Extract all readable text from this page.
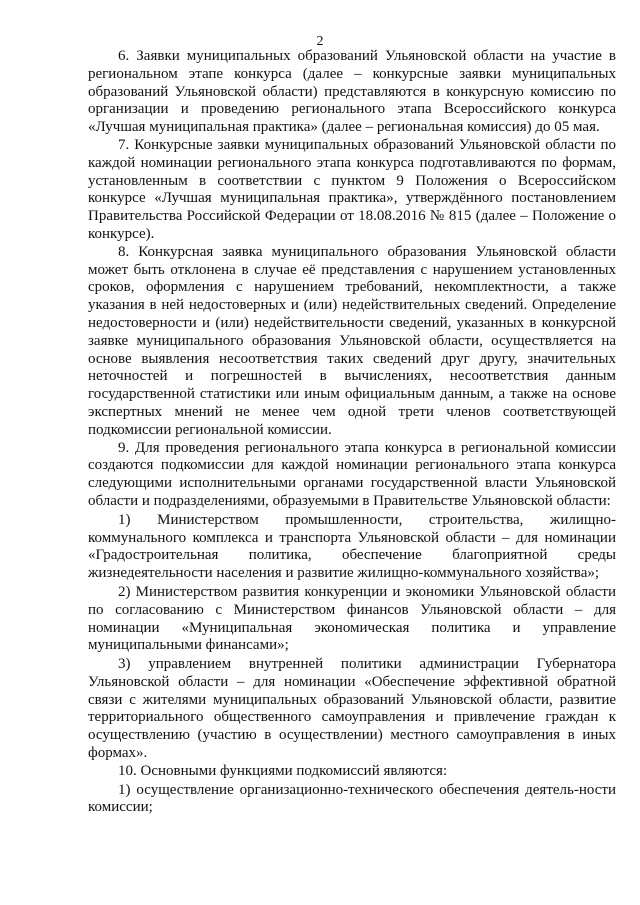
2

6. Заявки муниципальных образований Ульяновской области на участие в региональном этапе конкурса (далее – конкурсные заявки муниципальных образований Ульяновской области) представляются в конкурсную комиссию по организации и проведению регионального этапа Всероссийского конкурса «Лучшая муниципальная практика» (далее – региональная комиссия) до 05 мая.

7. Конкурсные заявки муниципальных образований Ульяновской области по каждой номинации регионального этапа конкурса подготавливаются по формам, установленным в соответствии с пунктом 9 Положения о Всероссийском конкурсе «Лучшая муниципальная практика», утверждённого постановлением Правительства Российской Федерации от 18.08.2016 № 815 (далее – Положение о конкурсе).

8. Конкурсная заявка муниципального образования Ульяновской области может быть отклонена в случае её представления с нарушением установленных сроков, оформления с нарушением требований, некомплектности, а также указания в ней недостоверных и (или) недействительных сведений. Определение недостоверности и (или) недействительности сведений, указанных в конкурсной заявке муниципального образования Ульяновской области, осуществляется на основе выявления несоответствия таких сведений друг другу, значительных неточностей и погрешностей в вычислениях, несоответствия данным государственной статистики или иным официальным данным, а также на основе экспертных мнений не менее чем одной трети членов соответствующей подкомиссии региональной комиссии.

9. Для проведения регионального этапа конкурса в региональной комиссии создаются подкомиссии для каждой номинации регионального этапа конкурса следующими исполнительными органами государственной власти Ульяновской области и подразделениями, образуемыми в Правительстве Ульяновской области:

1) Министерством промышленности, строительства, жилищно-коммунального комплекса и транспорта Ульяновской области – для номинации «Градостроительная политика, обеспечение благоприятной среды жизнедеятельности населения и развитие жилищно-коммунального хозяйства»;

2) Министерством развития конкуренции и экономики Ульяновской области по согласованию с Министерством финансов Ульяновской области – для номинации «Муниципальная экономическая политика и управление муниципальными финансами»;

3) управлением внутренней политики администрации Губернатора Ульяновской области – для номинации «Обеспечение эффективной обратной связи с жителями муниципальных образований Ульяновской области, развитие территориального общественного самоуправления и привлечение граждан к осуществлению (участию в осуществлении) местного самоуправления в иных формах».

10. Основными функциями подкомиссий являются:

1) осуществление организационно-технического обеспечения деятель-ности комиссии;
